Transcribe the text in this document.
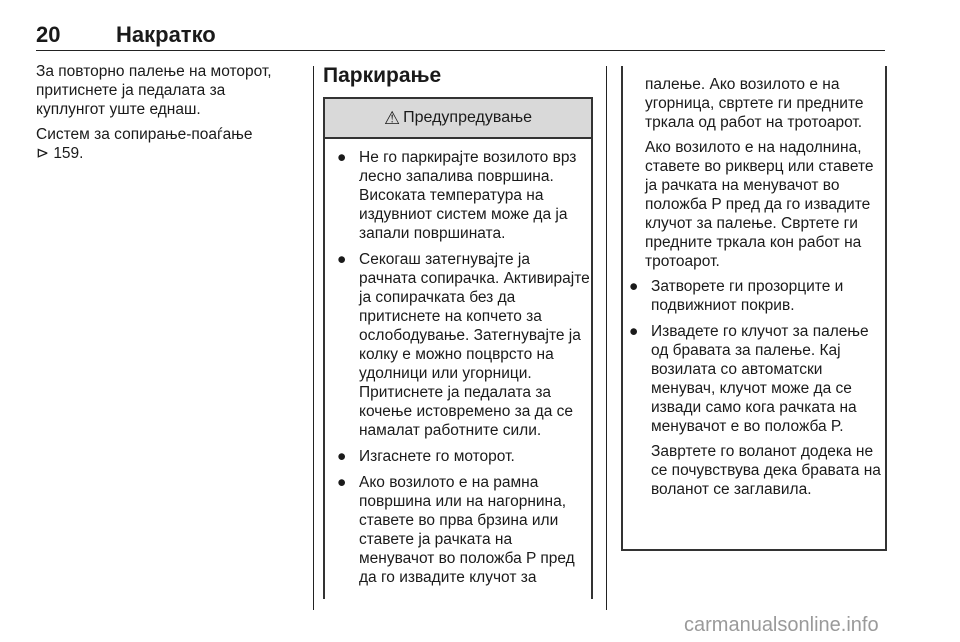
20	Накратко

За повторно палење на моторот, притиснете ја педалата за куплунгот уште еднаш.

Систем за сопирање-поаѓање
⊳ 159.

Паркирање
⚠ Предупредување
● Не го паркирајте возилото врз лесно запалива површина. Високата температура на издувниот систем може да ја запали површината.
● Секогаш затегнувајте ја рачната сопирачка. Активирајте ја сопирачката без да притиснете на копчето за ослободување. Затегнувајте ја колку е можно поцврсто на удолници или угорници. Притиснете ја педалата за кочење истовремено за да се намалат работните сили.
● Изгаснете го моторот.
● Ако возилото е на рамна површина или на нагорнина, ставете во прва брзина или ставете ја рачката на менувачот во положба P пред да го извадите клучот за

палење. Ако возилото е на угорница, свртете ги предните тркала од работ на тротоарот.

Ако возилото е на надолнина, ставете во рикверц или ставете ја рачката на менувачот во положба P пред да го извадите клучот за палење. Свртете ги предните тркала кон работ на тротоарот.

● Затворете ги прозорците и подвижниот покрив.

● Извадете го клучот за палење од бравата за палење. Кај возилата со автоматски менувач, клучот може да се извади само кога рачката на менувачот е во положба P.

Завртете го воланот додека не се почувствува дека бравата на воланот се заглавила.

carmanualsonline.info
